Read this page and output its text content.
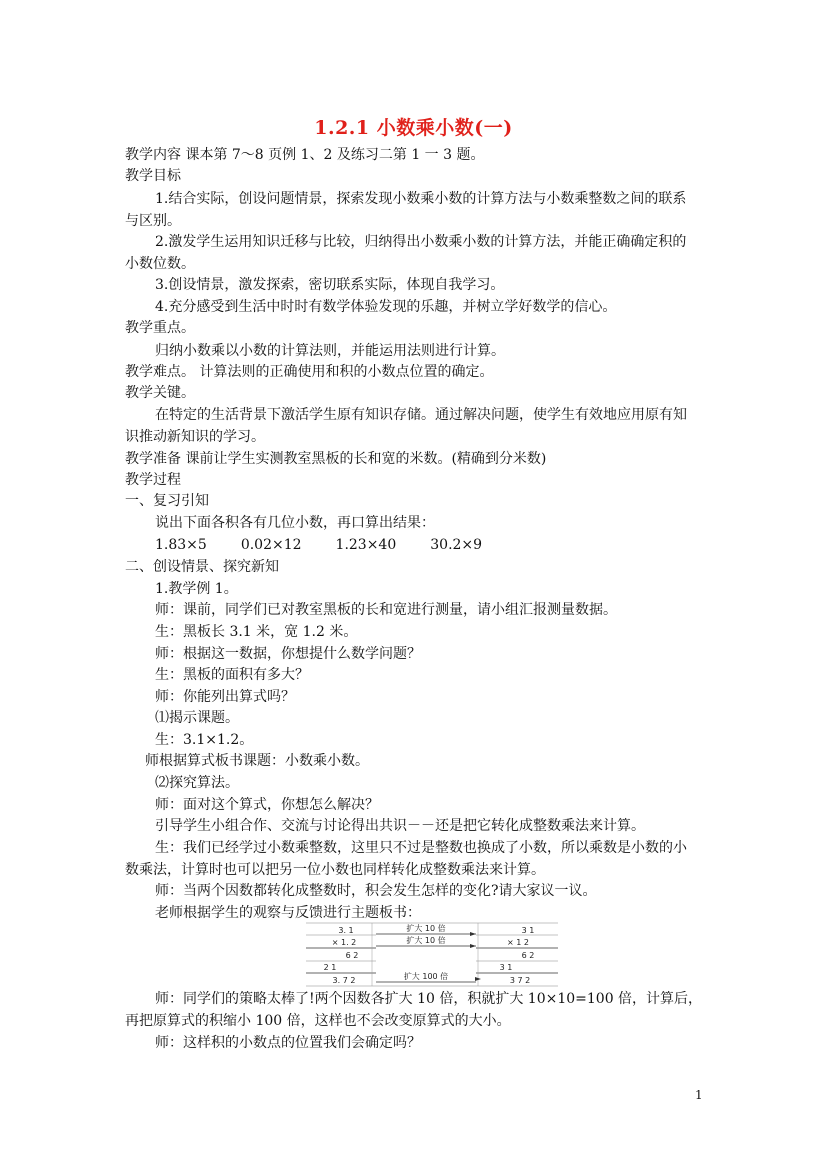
1.2.1 小数乘小数(一)
教学内容 课本第 7～8 页例 1、2 及练习二第 1 一 3 题。
教学目标
1.结合实际，创设问题情景，探索发现小数乘小数的计算方法与小数乘整数之间的联系
与区别。
2.激发学生运用知识迁移与比较，归纳得出小数乘小数的计算方法，并能正确确定积的
小数位数。
3.创设情景，激发探索，密切联系实际，体现自我学习。
4.充分感受到生活中时时有数学体验发现的乐趣，并树立学好数学的信心。
教学重点。
归纳小数乘以小数的计算法则，并能运用法则进行计算。
教学难点。 计算法则的正确使用和积的小数点位置的确定。
教学关键。
在特定的生活背景下激活学生原有知识存储。通过解决问题，使学生有效地应用原有知
识推动新知识的学习。
教学准备 课前让学生实测教室黑板的长和宽的米数。(精确到分米数)
教学过程
一、复习引知
说出下面各积各有几位小数，再口算出结果：
1.83×5 0.02×12 1.23×40 30.2×9
二、创设情景、探究新知
1.教学例 1。
师：课前，同学们已对教室黑板的长和宽进行测量，请小组汇报测量数据。
生：黑板长 3.1 米，宽 1.2 米。
师：根据这一数据，你想提什么数学问题？
生：黑板的面积有多大？
师：你能列出算式吗？
⑴揭示课题。
生：3.1×1.2。
师根据算式板书课题：小数乘小数。
⑵探究算法。
师：面对这个算式，你想怎么解决？
引导学生小组合作、交流与讨论得出共识－－还是把它转化成整数乘法来计算。
生：我们已经学过小数乘整数，这里只不过是整数也换成了小数，所以乘数是小数的小
数乘法，计算时也可以把另一位小数也同样转化成整数乘法来计算。
师：当两个因数都转化成整数时，积会发生怎样的变化?请大家议一议。
老师根据学生的观察与反馈进行主题板书：
3. 1
× 1. 2
6 2
2 1
3. 7 2
扩大 10 倍
扩大 10 倍
扩大 100 倍
3 1
× 1 2
6 2
3 1
3 7 2
师：同学们的策略太棒了!两个因数各扩大 10 倍，积就扩大 10×10=100 倍，计算后，
再把原算式的积缩小 100 倍，这样也不会改变原算式的大小。
师：这样积的小数点的位置我们会确定吗？
1
